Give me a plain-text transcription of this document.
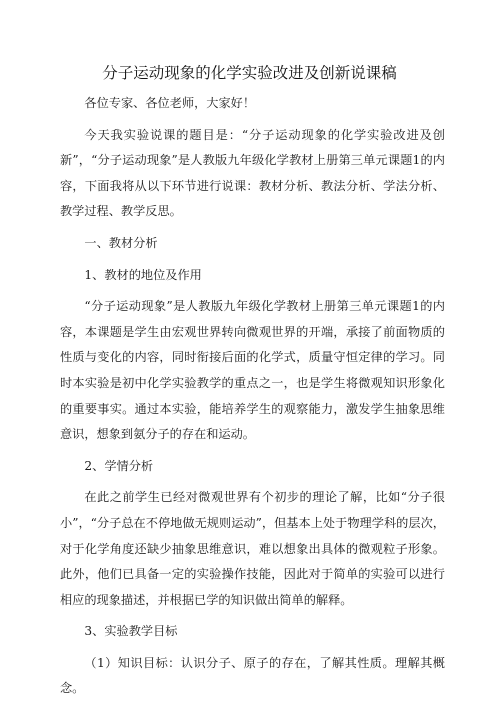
分子运动现象的化学实验改进及创新说课稿

各位专家、各位老师，大家好！

今天我实验说课的题目是：“分子运动现象的化学实验改进及创新”，“分子运动现象”是人教版九年级化学教材上册第三单元课题1的内容，下面我将从以下环节进行说课：教材分析、教法分析、学法分析、教学过程、教学反思。

一、教材分析

1、教材的地位及作用

“分子运动现象”是人教版九年级化学教材上册第三单元课题1的内容，本课题是学生由宏观世界转向微观世界的开端，承接了前面物质的性质与变化的内容，同时衔接后面的化学式，质量守恒定律的学习。同时本实验是初中化学实验教学的重点之一，也是学生将微观知识形象化的重要事实。通过本实验，能培养学生的观察能力，激发学生抽象思维意识，想象到氨分子的存在和运动。

2、学情分析

在此之前学生已经对微观世界有个初步的理论了解，比如“分子很小”，“分子总在不停地做无规则运动”，但基本上处于物理学科的层次，对于化学角度还缺少抽象思维意识，难以想象出具体的微观粒子形象。此外，他们已具备一定的实验操作技能，因此对于简单的实验可以进行相应的现象描述，并根据已学的知识做出简单的解释。

3、实验教学目标

（1）知识目标：认识分子、原子的存在，了解其性质。理解其概念。
